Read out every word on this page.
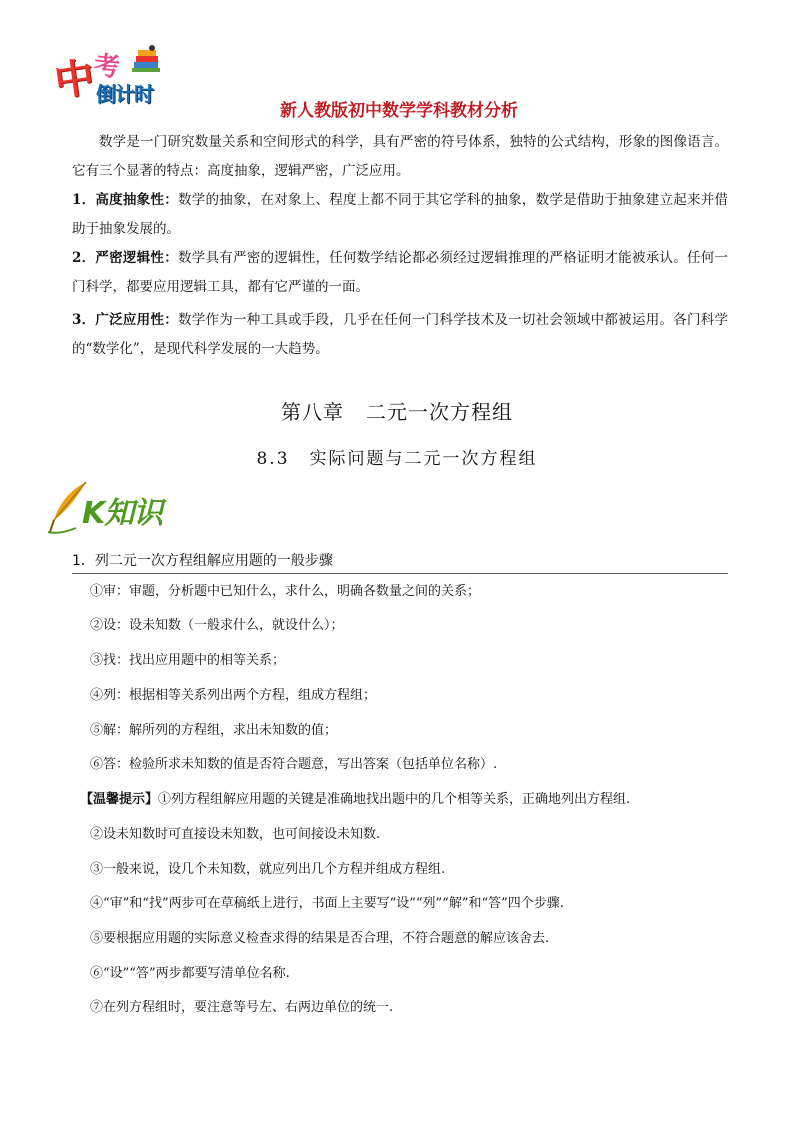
中
考
倒计时
新人教版初中数学学科教材分析
数学是一门研究数量关系和空间形式的科学，具有严密的符号体系，独特的公式结构，形象的图像语言。它有三个显著的特点：高度抽象，逻辑严密，广泛应用。
1．高度抽象性：数学的抽象，在对象上、程度上都不同于其它学科的抽象，数学是借助于抽象建立起来并借助于抽象发展的。
2．严密逻辑性：数学具有严密的逻辑性，任何数学结论都必须经过逻辑推理的严格证明才能被承认。任何一门科学，都要应用逻辑工具，都有它严谨的一面。
3．广泛应用性：数学作为一种工具或手段，几乎在任何一门科学技术及一切社会领域中都被运用。各门科学的“数学化”，是现代科学发展的一大趋势。
第八章 二元一次方程组
8.3 实际问题与二元一次方程组
K知识
1．列二元一次方程组解应用题的一般步骤
①审：审题，分析题中已知什么，求什么，明确各数量之间的关系；
②设：设未知数（一般求什么，就设什么）；
③找：找出应用题中的相等关系；
④列：根据相等关系列出两个方程，组成方程组；
⑤解：解所列的方程组，求出未知数的值；
⑥答：检验所求未知数的值是否符合题意，写出答案（包括单位名称）.
【温馨提示】①列方程组解应用题的关键是准确地找出题中的几个相等关系，正确地列出方程组.
②设未知数时可直接设未知数，也可间接设未知数.
③一般来说，设几个未知数，就应列出几个方程并组成方程组.
④“审”和“找”两步可在草稿纸上进行，书面上主要写“设”“列”“解”和“答”四个步骤.
⑤要根据应用题的实际意义检查求得的结果是否合理，不符合题意的解应该舍去.
⑥“设”“答”两步都要写清单位名称.
⑦在列方程组时，要注意等号左、右两边单位的统一.
